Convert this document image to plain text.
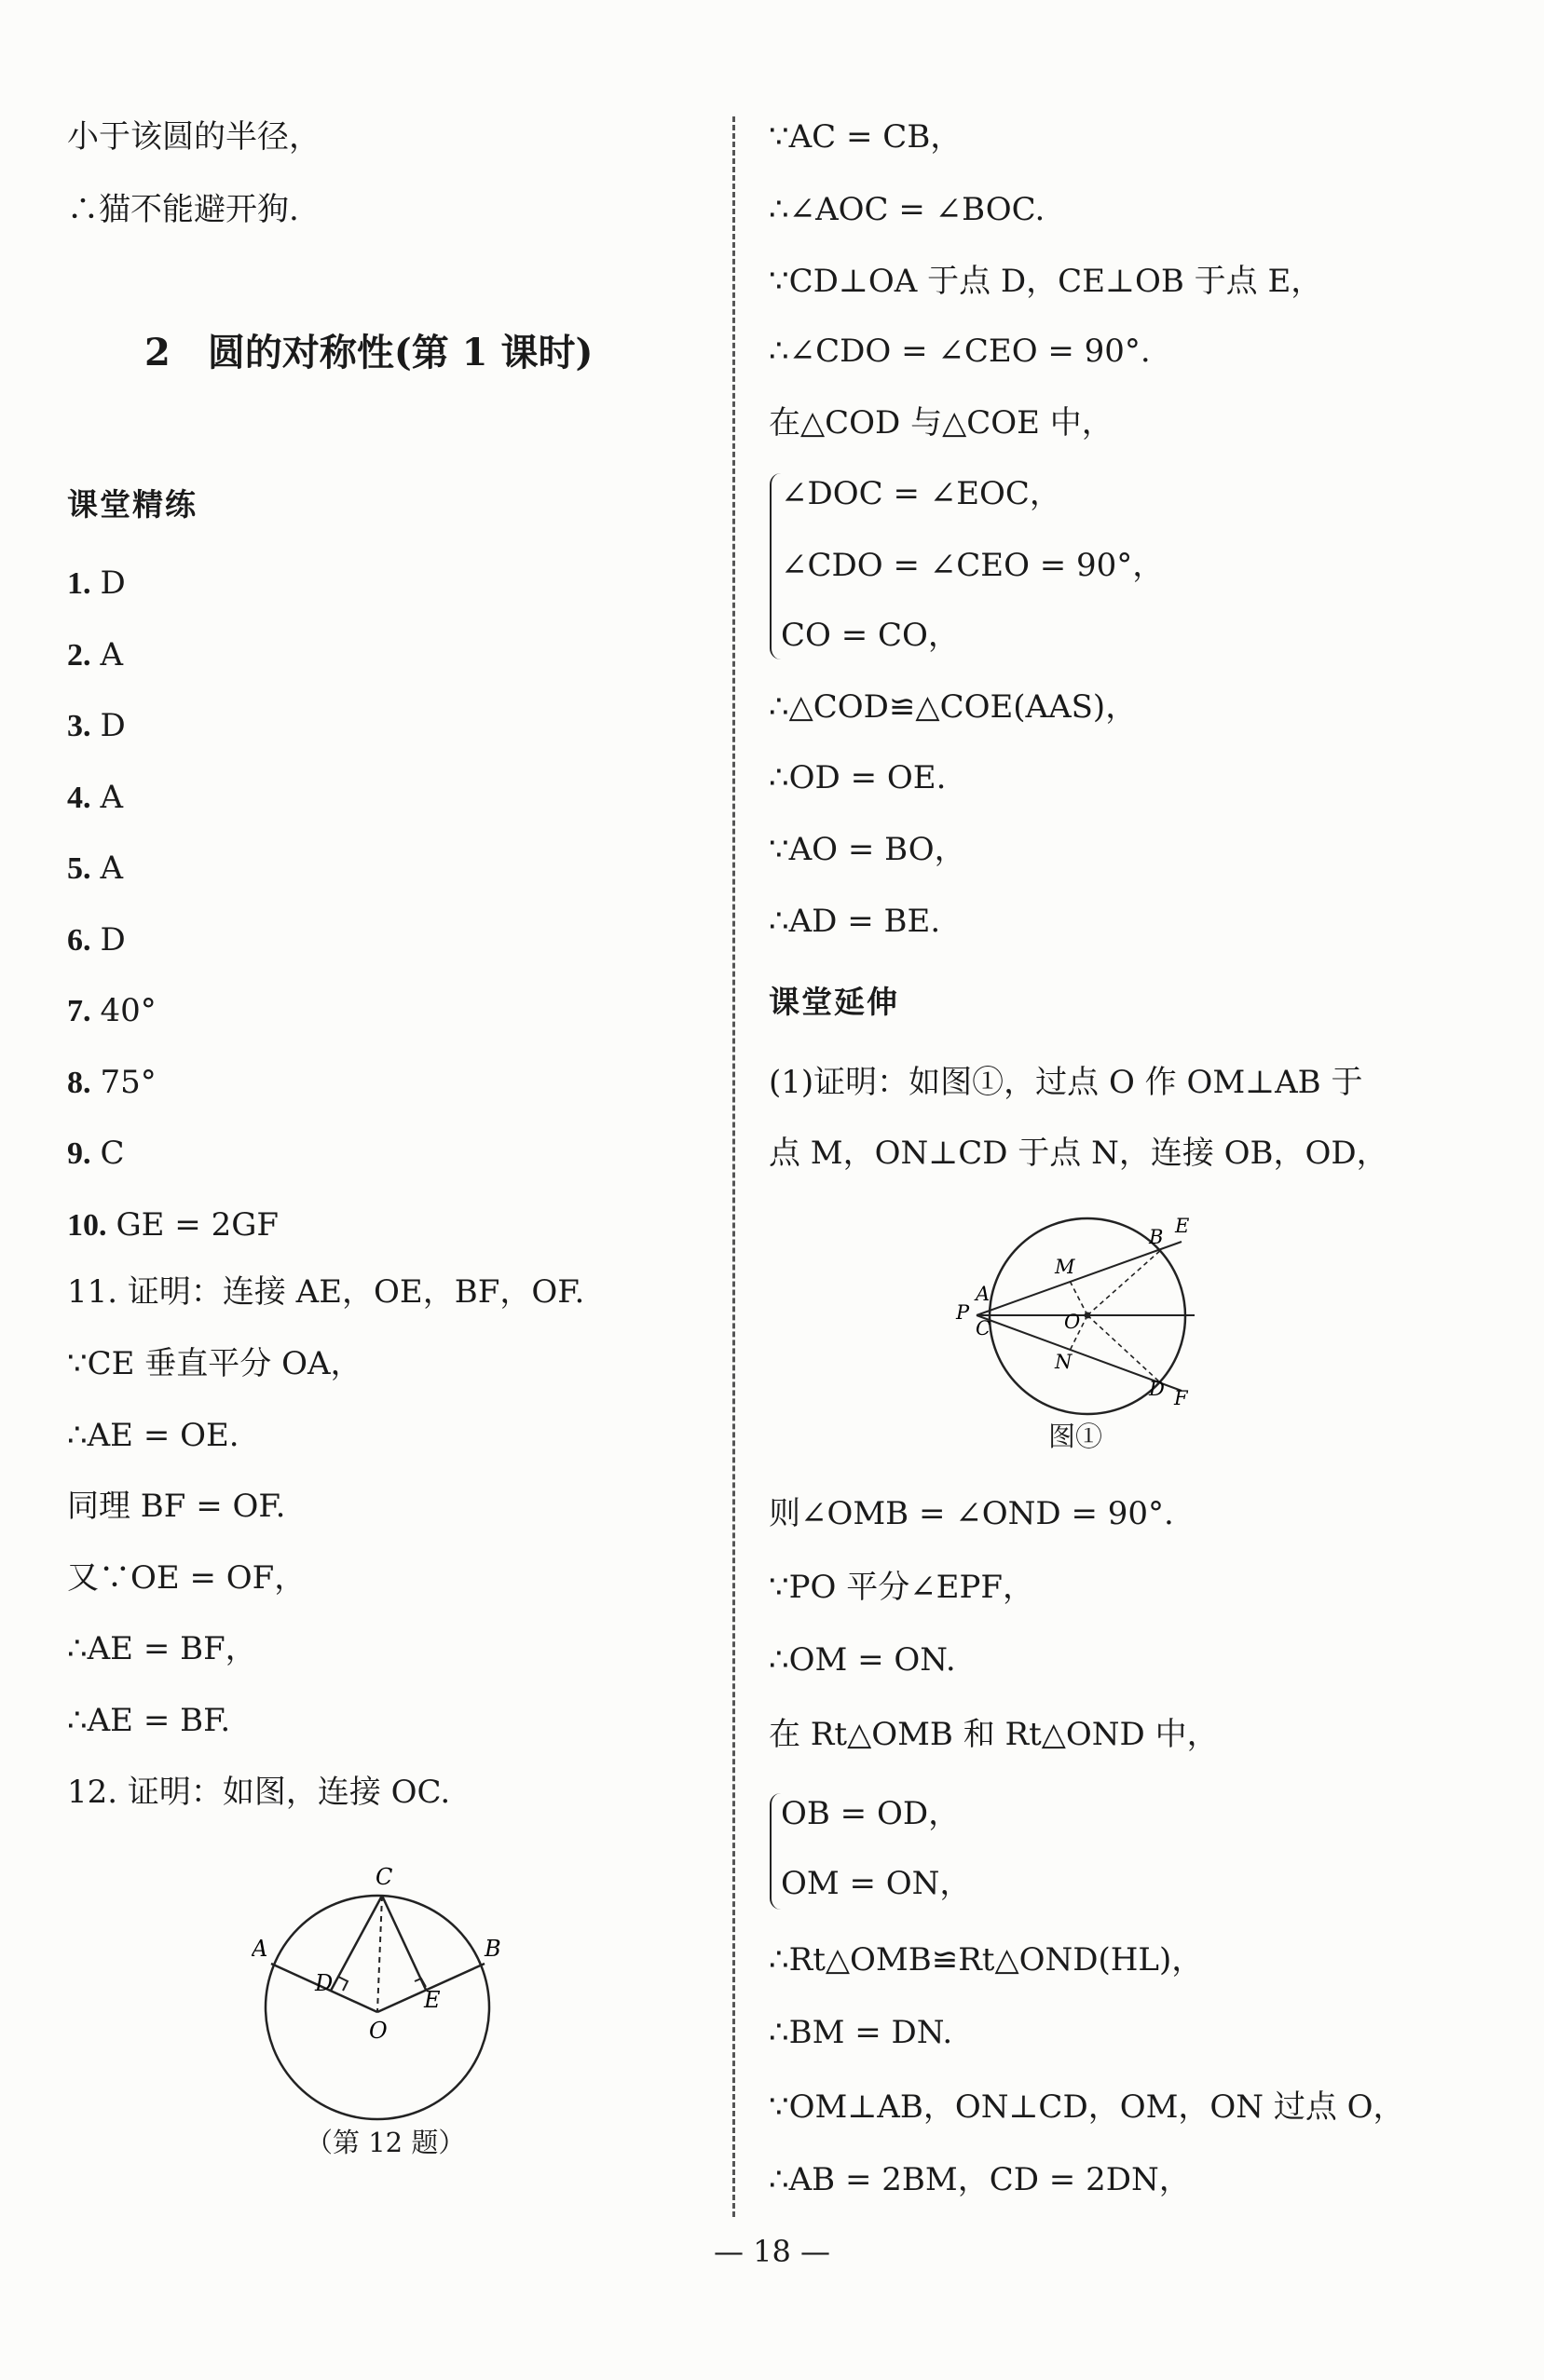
小于该圆的半径，
∴猫不能避开狗.
2　圆的对称性(第 1 课时)
课堂精练
1. D
2. A
3. D
4. A
5. A
6. D
7. 40°
8. 75°
9. C
10. GE = 2GF
11. 证明：连接 AE，OE，BF，OF.
∵CE 垂直平分 OA，
∴AE = OE.
同理 BF = OF.
又∵OE = OF，
∴AE = BF，
∴AE = BF.
12. 证明：如图，连接 OC.
C
A	B
D
E
O
（第 12 题）
∵AC = CB，
∴∠AOC = ∠BOC.
∵CD⊥OA 于点 D，CE⊥OB 于点 E，
∴∠CDO = ∠CEO = 90°.
在△COD 与△COE 中，
∠DOC = ∠EOC，
∠CDO = ∠CEO = 90°，
CO = CO，
∴△COD≌△COE(AAS)，
∴OD = OE.
∵AO = BO，
∴AD = BE.
课堂延伸
(1)证明：如图①，过点 O 作 OM⊥AB 于
点 M，ON⊥CD 于点 N，连接 OB，OD，
B E
M
A
P
C	O
N
D F
图①
则∠OMB = ∠OND = 90°.
∵PO 平分∠EPF，
∴OM = ON.
在 Rt△OMB 和 Rt△OND 中，
OB = OD，
OM = ON，
∴Rt△OMB≌Rt△OND(HL)，
∴BM = DN.
∵OM⊥AB，ON⊥CD，OM，ON 过点 O，
∴AB = 2BM，CD = 2DN，
— 18 —
